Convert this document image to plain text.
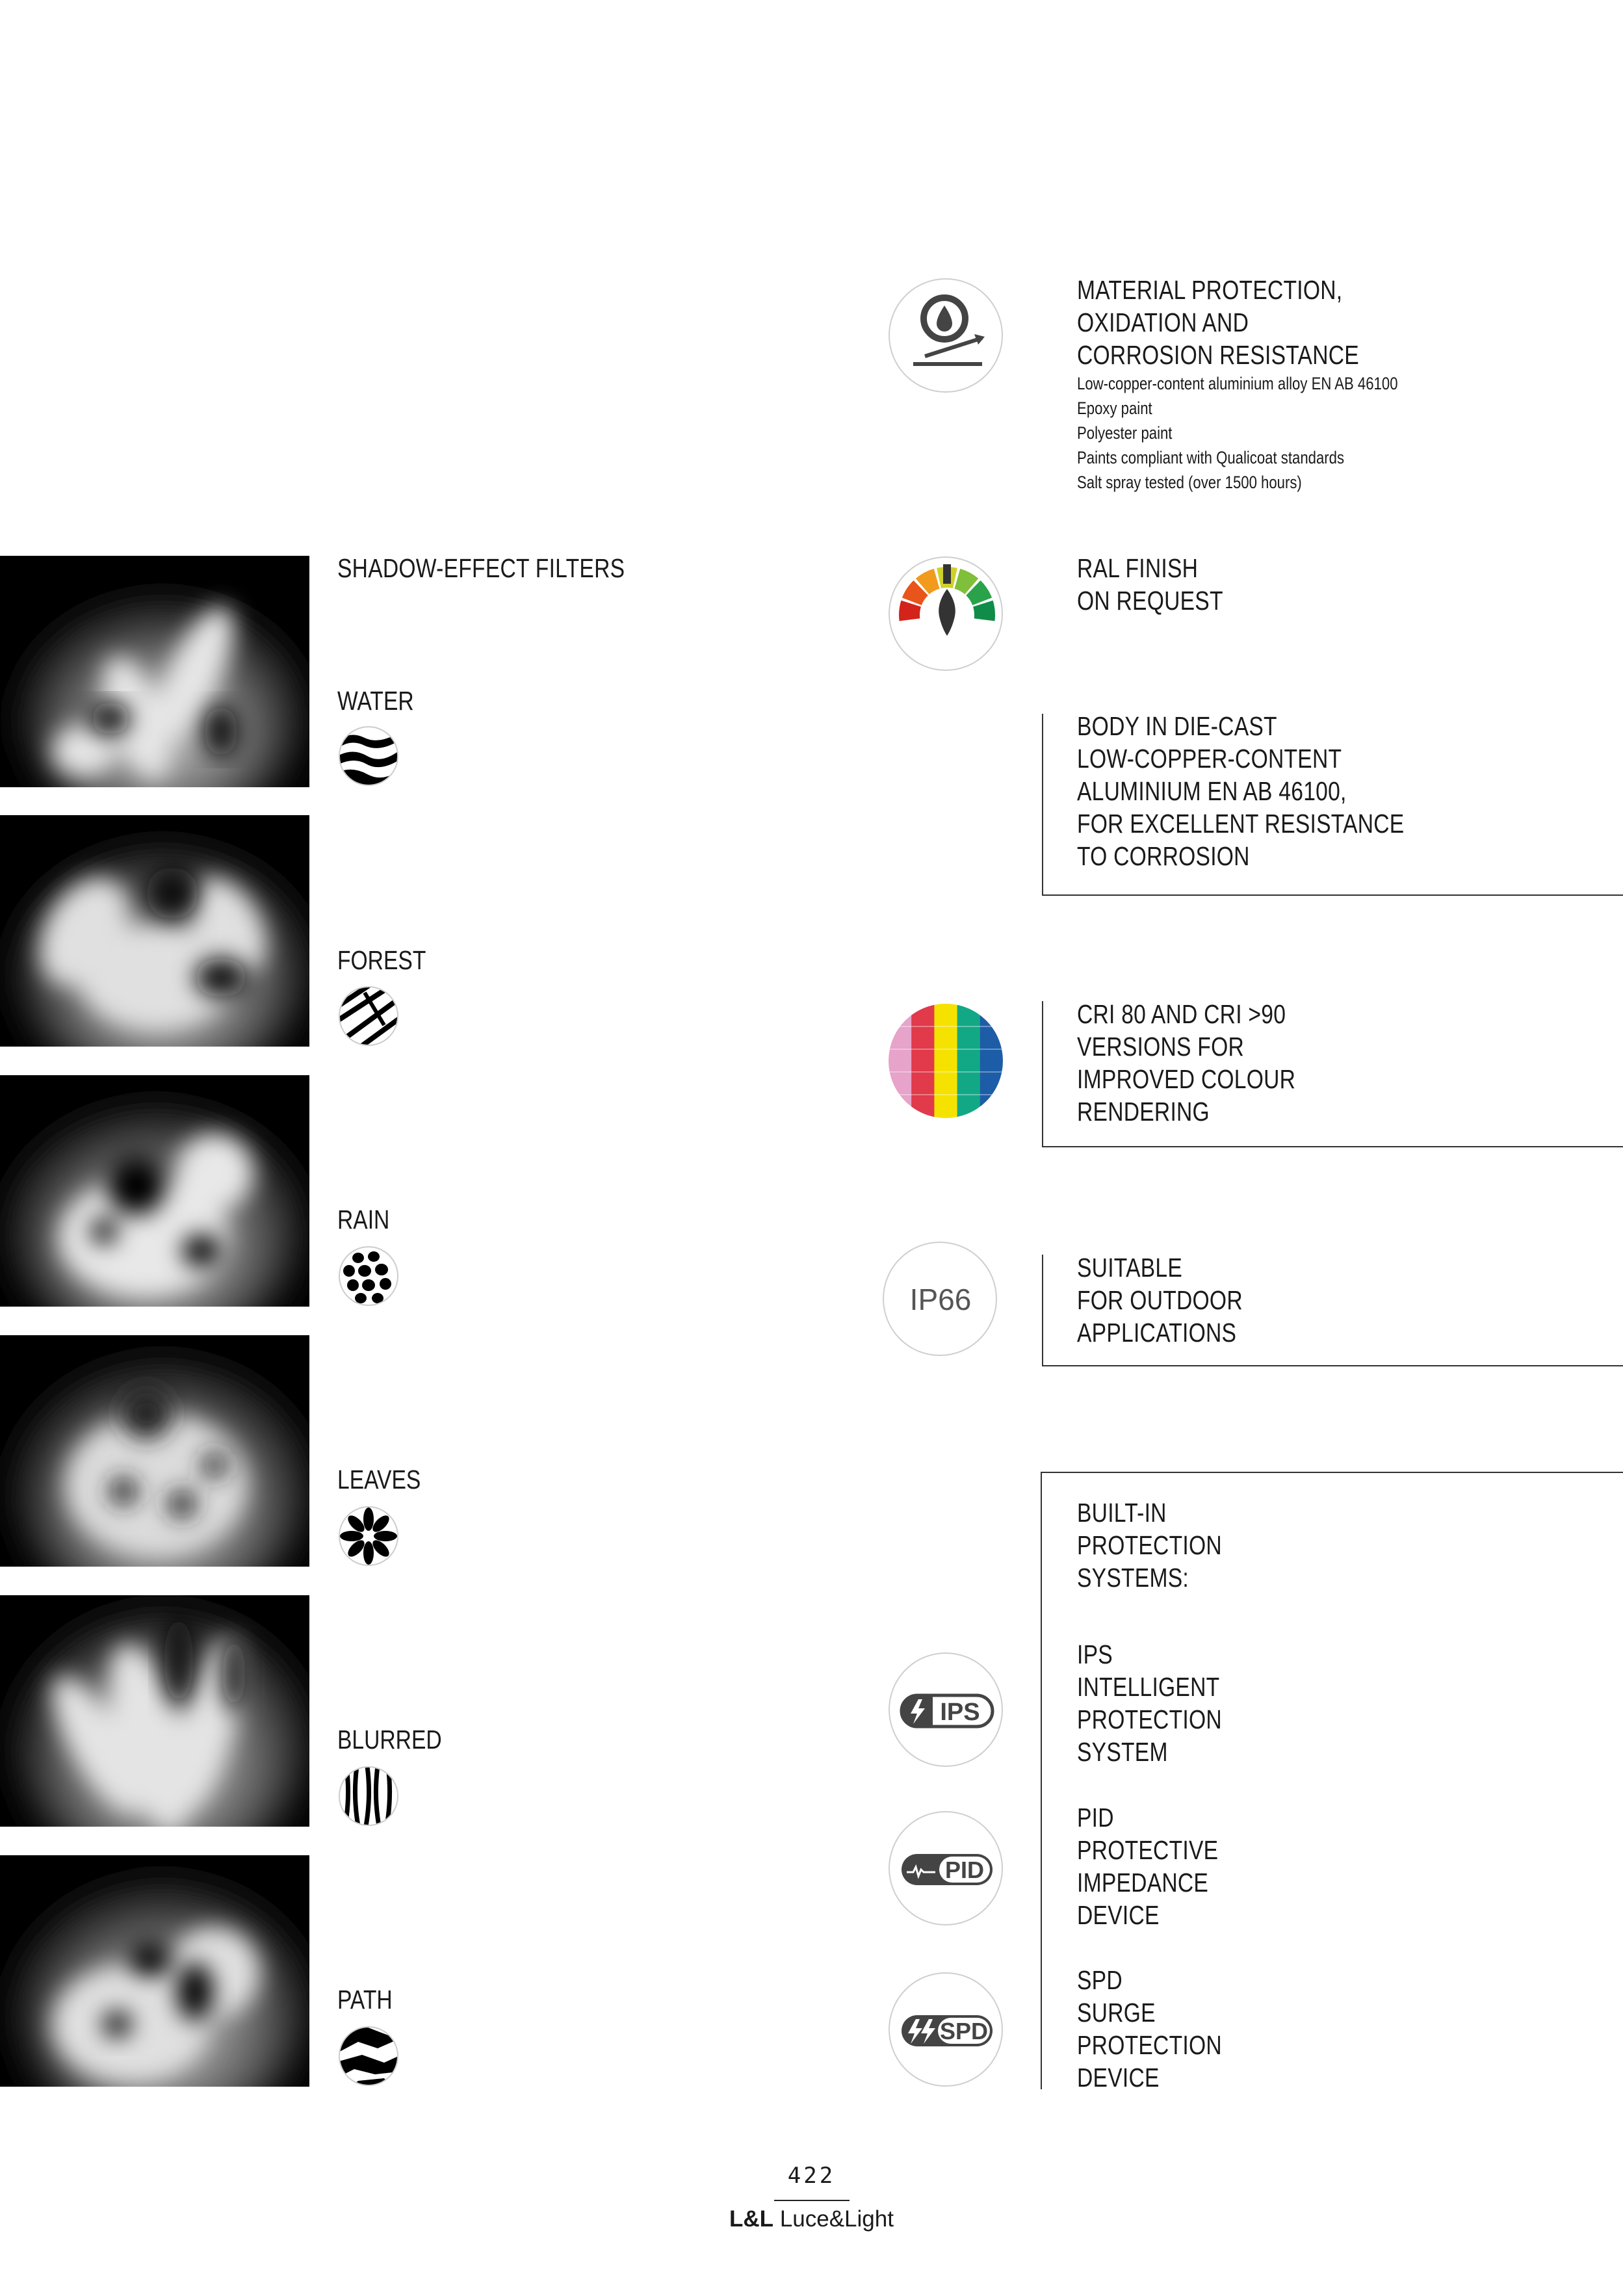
SHADOW-EFFECT FILTERS
WATER
FOREST
RAIN
LEAVES
BLURRED
PATH
MATERIAL PROTECTION,
OXIDATION AND
CORROSION RESISTANCE
Low-copper-content aluminium alloy EN AB 46100
Epoxy paint
Polyester paint
Paints compliant with Qualicoat standards
Salt spray tested (over 1500 hours)
RAL FINISH
ON REQUEST
BODY IN DIE-CAST
LOW-COPPER-CONTENT
ALUMINIUM EN AB 46100,
FOR EXCELLENT RESISTANCE
TO CORROSION
CRI 80 AND CRI >90
VERSIONS FOR
IMPROVED COLOUR
RENDERING
IP66
SUITABLE
FOR OUTDOOR
APPLICATIONS
BUILT-IN
PROTECTION
SYSTEMS:
IPS
IPS
INTELLIGENT
PROTECTION
SYSTEM
PID
PID
PROTECTIVE
IMPEDANCE
DEVICE
SPD
SPD
SURGE
PROTECTION
DEVICE
422
L&L Luce&Light
